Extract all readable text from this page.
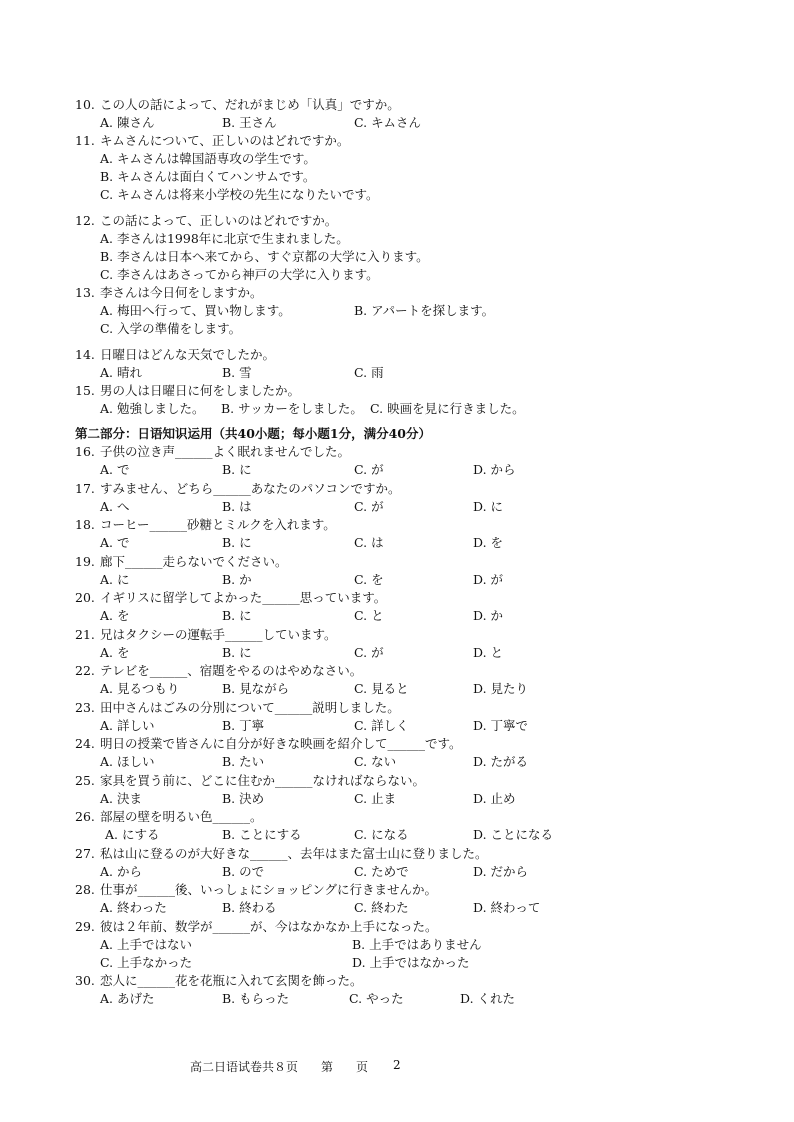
10. この人の話によって、だれがまじめ「认真」ですか。
A. 陳さん	B. 王さん	C. キムさん
11. キムさんについて、正しいのはどれですか。
A. キムさんは韓国語専攻の学生です。
B. キムさんは面白くてハンサムです。
C. キムさんは将来小学校の先生になりたいです。
12. この話によって、正しいのはどれですか。
A. 李さんは1998年に北京で生まれました。
B. 李さんは日本へ来てから、すぐ京都の大学に入ります。
C. 李さんはあさってから神戸の大学に入ります。
13. 李さんは今日何をしますか。
A. 梅田へ行って、買い物します。	B. アパートを探します。
C. 入学の準備をします。
14. 日曜日はどんな天気でしたか。
A. 晴れ	B. 雪	C. 雨
15. 男の人は日曜日に何をしましたか。
A. 勉強しました。 B. サッカーをしました。 C. 映画を見に行きました。
第二部分：日语知识运用（共40小题；每小题1分，满分40分）
16. 子供の泣き声______よく眠れませんでした。
A. で	B. に	C. が	D. から
17. すみません、どちら______あなたのパソコンですか。
A. へ	B. は	C. が	D. に
18. コーヒー______砂糖とミルクを入れます。
A. で	B. に	C. は	D. を
19. 廊下______走らないでください。
A. に	B. か	C. を	D. が
20. イギリスに留学してよかった______思っています。
A. を	B. に	C. と	D. か
21. 兄はタクシーの運転手______しています。
A. を	B. に	C. が	D. と
22. テレビを______、宿題をやるのはやめなさい。
A. 見るつもり	B. 見ながら	C. 見ると	D. 見たり
23. 田中さんはごみの分別について______説明しました。
A. 詳しい	B. 丁寧	C. 詳しく	D. 丁寧で
24. 明日の授業で皆さんに自分が好きな映画を紹介して______です。
A. ほしい	B. たい	C. ない	D. たがる
25. 家具を買う前に、どこに住むか______なければならない。
A. 決ま	B. 決め	C. 止ま	D. 止め
26. 部屋の壁を明るい色______。
A. にする	B. ことにする	C. になる	D. ことになる
27. 私は山に登るのが大好きな______、去年はまた富士山に登りました。
A. から	B. ので	C. ためで	D. だから
28. 仕事が______後、いっしょにショッピングに行きませんか。
A. 終わった	B. 終わる	C. 終わた	D. 終わって
29. 彼は２年前、数学が______が、今はなかなか上手になった。
A. 上手ではない	B. 上手ではありません
C. 上手なかった	D. 上手ではなかった
30. 恋人に______花を花瓶に入れて玄関を飾った。
A. あげた	B. もらった	C. やった	D. くれた
高二日语试卷共８页 第 页 2
